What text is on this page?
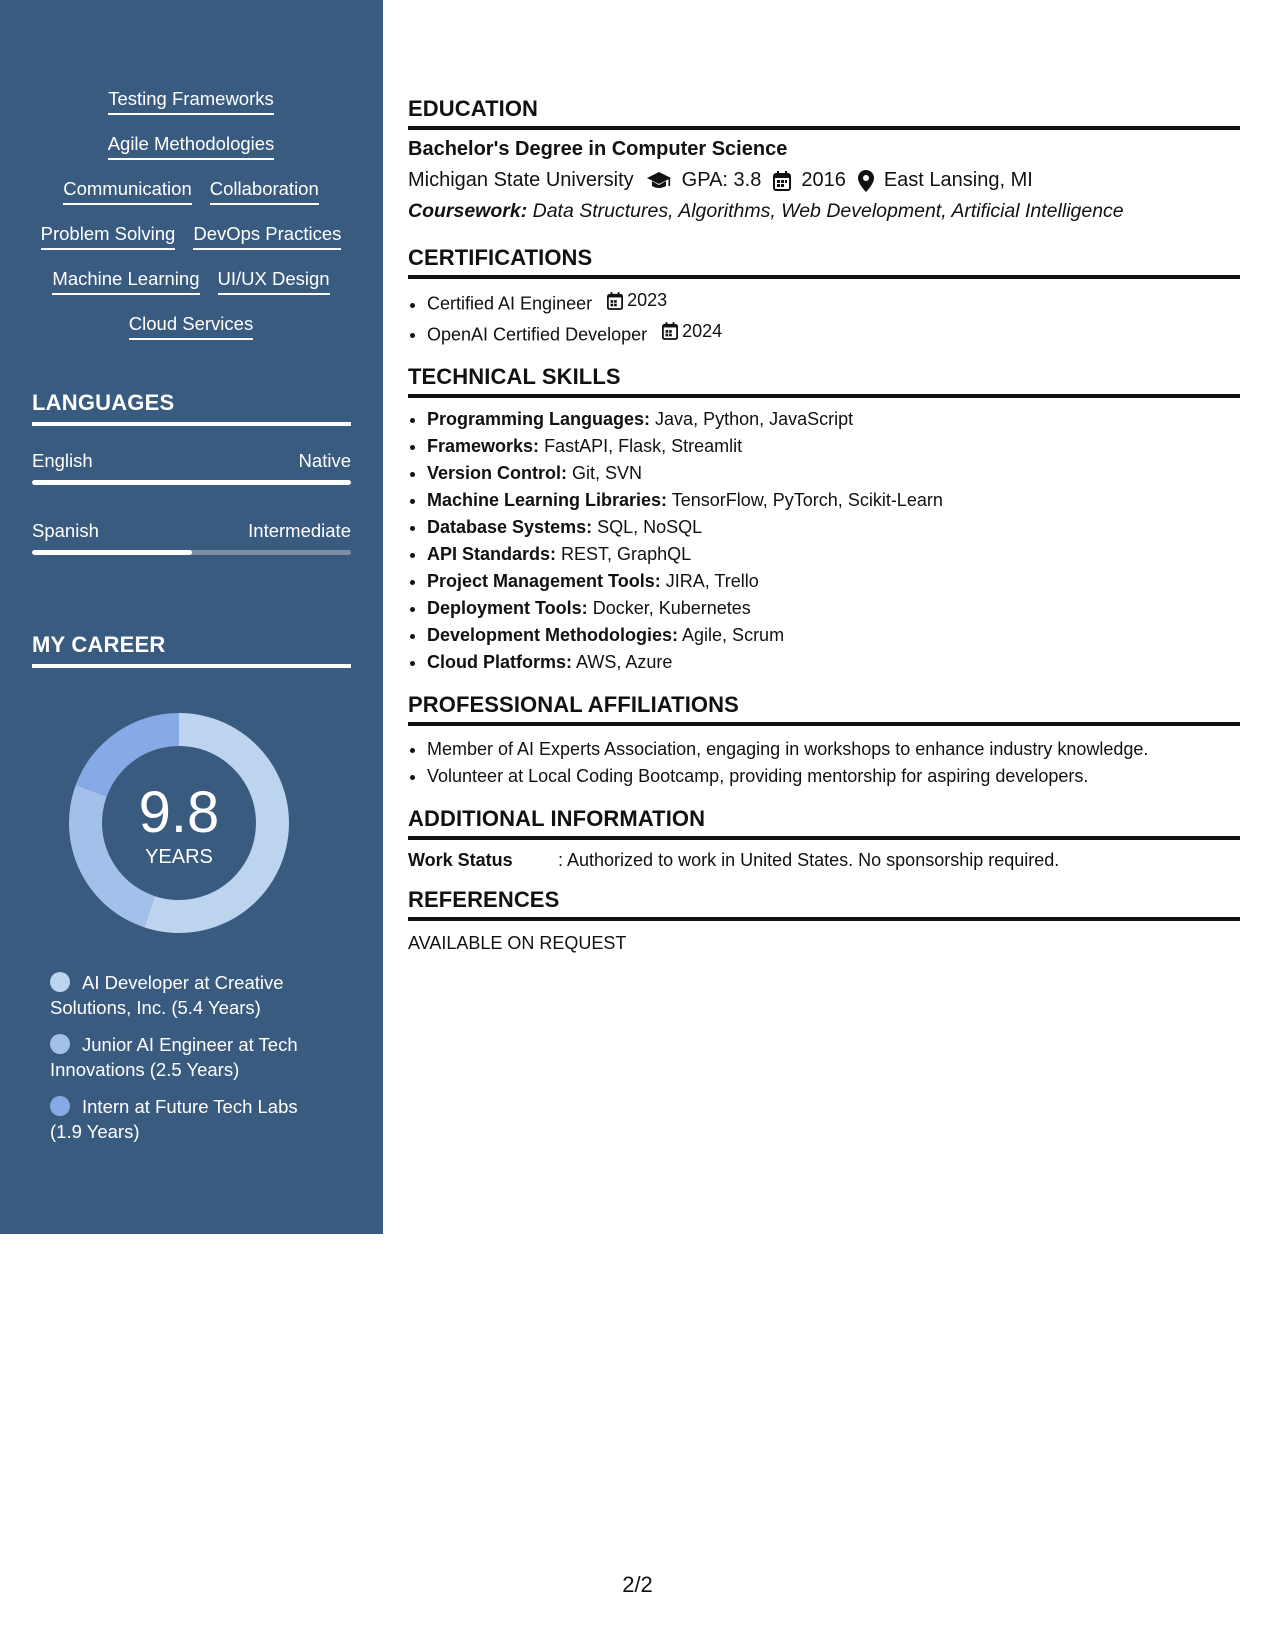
Testing Frameworks
Agile Methodologies
Communication Collaboration
Problem Solving DevOps Practices
Machine Learning UI/UX Design
Cloud Services
LANGUAGES
English	Native
Spanish	Intermediate
MY CAREER
9.8
YEARS
AI Developer at Creative Solutions, Inc. (5.4 Years)
Junior AI Engineer at Tech Innovations (2.5 Years)
Intern at Future Tech Labs (1.9 Years)
EDUCATION
Bachelor's Degree in Computer Science
Michigan State University GPA: 3.8 2016 East Lansing, MI
Coursework: Data Structures, Algorithms, Web Development, Artificial Intelligence
CERTIFICATIONS
• Certified AI Engineer 2023
• OpenAI Certified Developer 2024
TECHNICAL SKILLS
• Programming Languages: Java, Python, JavaScript
• Frameworks: FastAPI, Flask, Streamlit
• Version Control: Git, SVN
• Machine Learning Libraries: TensorFlow, PyTorch, Scikit-Learn
• Database Systems: SQL, NoSQL
• API Standards: REST, GraphQL
• Project Management Tools: JIRA, Trello
• Deployment Tools: Docker, Kubernetes
• Development Methodologies: Agile, Scrum
• Cloud Platforms: AWS, Azure
PROFESSIONAL AFFILIATIONS
• Member of AI Experts Association, engaging in workshops to enhance industry knowledge.
• Volunteer at Local Coding Bootcamp, providing mentorship for aspiring developers.
ADDITIONAL INFORMATION
Work Status	: Authorized to work in United States. No sponsorship required.
REFERENCES
AVAILABLE ON REQUEST
2/2
